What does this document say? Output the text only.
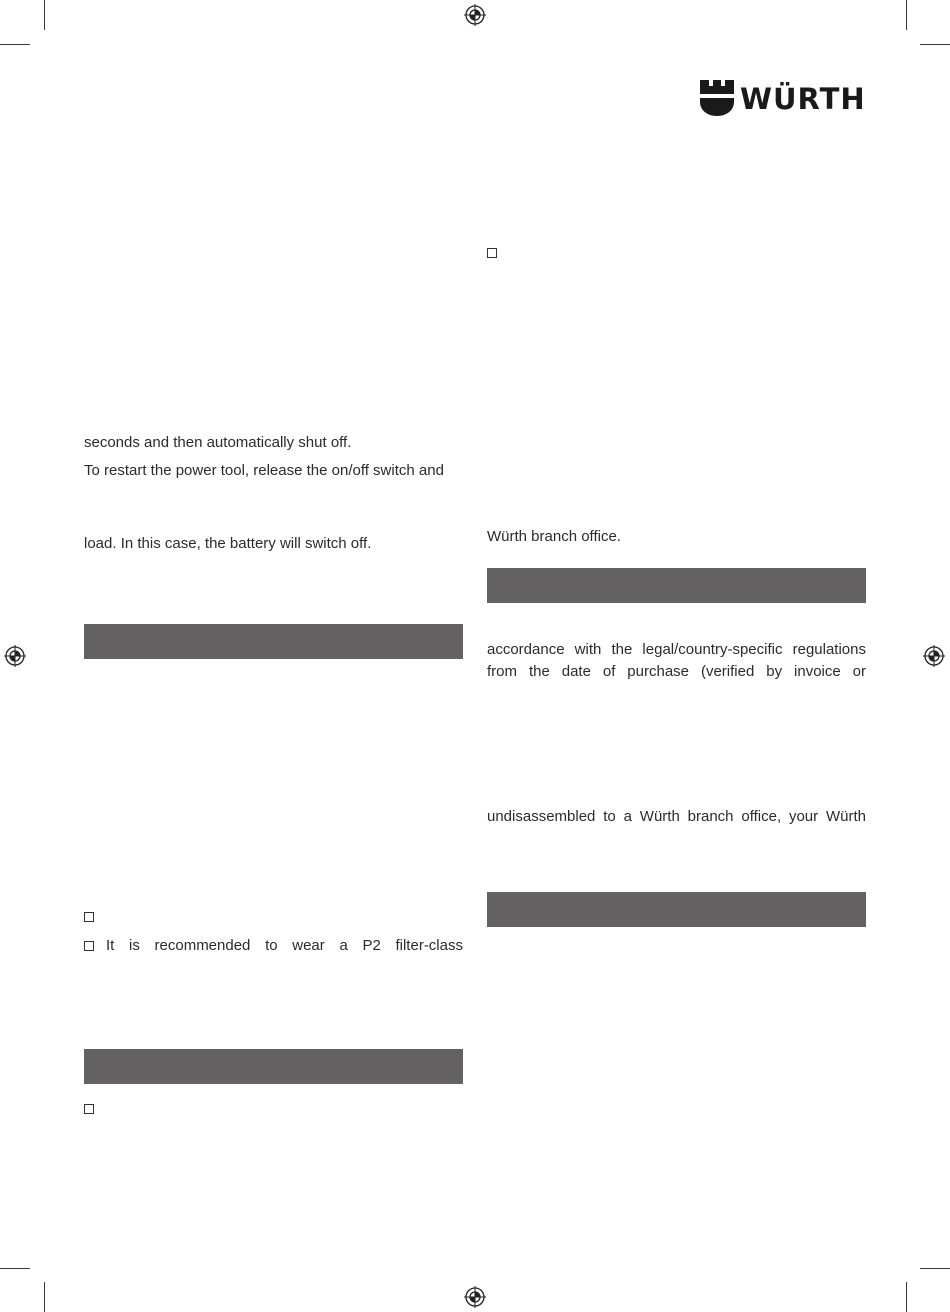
WÜRTH

seconds and then automatically shut off.

To restart the power tool, release the on/off switch and

load. In this case, the battery will switch off.

It is recommended to wear a P2 filter-class

Würth branch office.

accordance with the legal/country-specific regulations

from the date of purchase (verified by invoice or

undisassembled to a Würth branch office, your Würth
